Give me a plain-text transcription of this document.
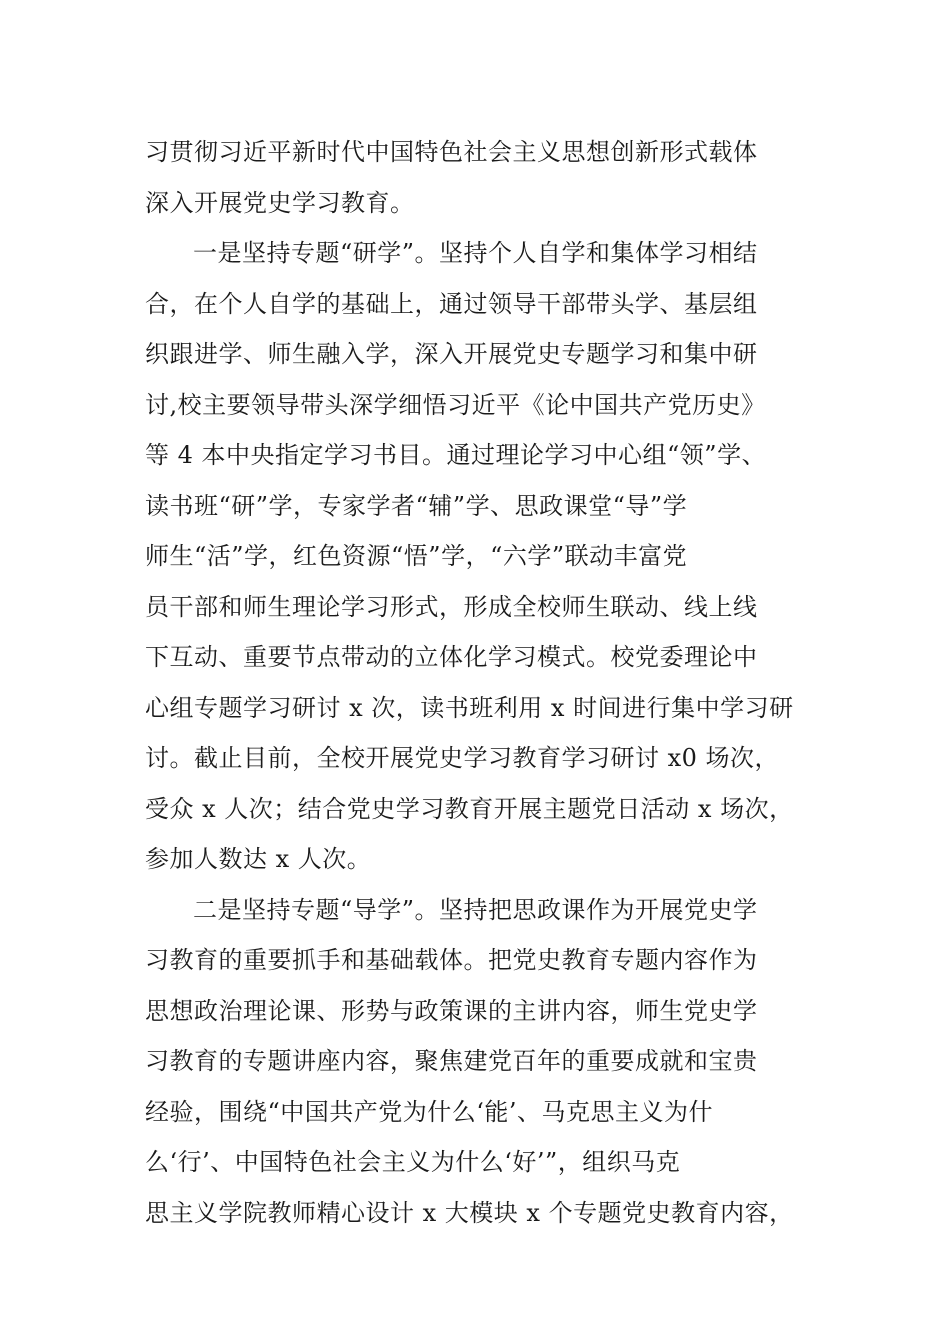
习贯彻习近平新时代中国特色社会主义思想创新形式载体
深入开展党史学习教育。
一是坚持专题“研学”。坚持个人自学和集体学习相结
合，在个人自学的基础上，通过领导干部带头学、基层组
织跟进学、师生融入学，深入开展党史专题学习和集中研
讨,校主要领导带头深学细悟习近平《论中国共产党历史》
等 4 本中央指定学习书目。通过理论学习中心组“领”学、
读书班“研”学，专家学者“辅”学、思政课堂“导”学
师生“活”学，红色资源“悟”学，“六学”联动丰富党
员干部和师生理论学习形式，形成全校师生联动、线上线
下互动、重要节点带动的立体化学习模式。校党委理论中
心组专题学习研讨 x 次，读书班利用 x 时间进行集中学习研
讨。截止目前，全校开展党史学习教育学习研讨 x0 场次，
受众 x 人次；结合党史学习教育开展主题党日活动 x 场次，
参加人数达 x 人次。
二是坚持专题“导学”。坚持把思政课作为开展党史学
习教育的重要抓手和基础载体。把党史教育专题内容作为
思想政治理论课、形势与政策课的主讲内容，师生党史学
习教育的专题讲座内容，聚焦建党百年的重要成就和宝贵
经验，围绕“中国共产党为什么‘能’、马克思主义为什
么‘行’、中国特色社会主义为什么‘好’”，组织马克
思主义学院教师精心设计 x 大模块 x 个专题党史教育内容，
